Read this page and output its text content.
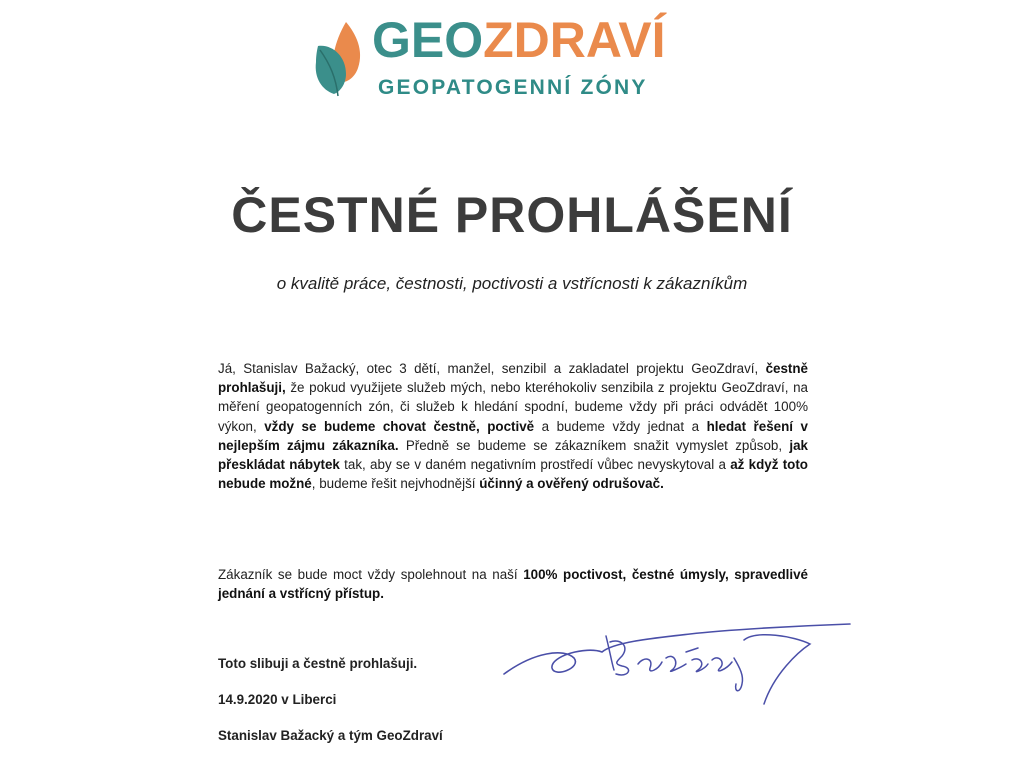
GEOZDRAVÍ
GEOPATOGENNÍ ZÓNY
ČESTNÉ PROHLÁŠENÍ
o kvalitě práce, čestnosti, poctivosti a vstřícnosti k zákazníkům
Já, Stanislav Bažacký, otec 3 dětí, manžel, senzibil a zakladatel projektu GeoZdraví, čestně prohlašuji, že pokud využijete služeb mých, nebo kteréhokoliv senzibila z projektu GeoZdraví, na měření geopatogenních zón, či služeb k hledání spodní, budeme vždy při práci odvádět 100% výkon, vždy se budeme chovat čestně, poctivě a budeme vždy jednat a hledat řešení v nejlepším zájmu zákazníka. Předně se budeme se zákazníkem snažit vymyslet způsob, jak přeskládat nábytek tak, aby se v daném negativním prostředí vůbec nevyskytoval a až když toto nebude možné, budeme řešit nejvhodnější účinný a ověřený odrušovač.
Zákazník se bude moct vždy spolehnout na naší 100% poctivost, čestné úmysly, spravedlivé jednání a vstřícný přístup.
Toto slibuji a čestně prohlašuji.
14.9.2020 v Liberci
Stanislav Bažacký a tým GeoZdraví
